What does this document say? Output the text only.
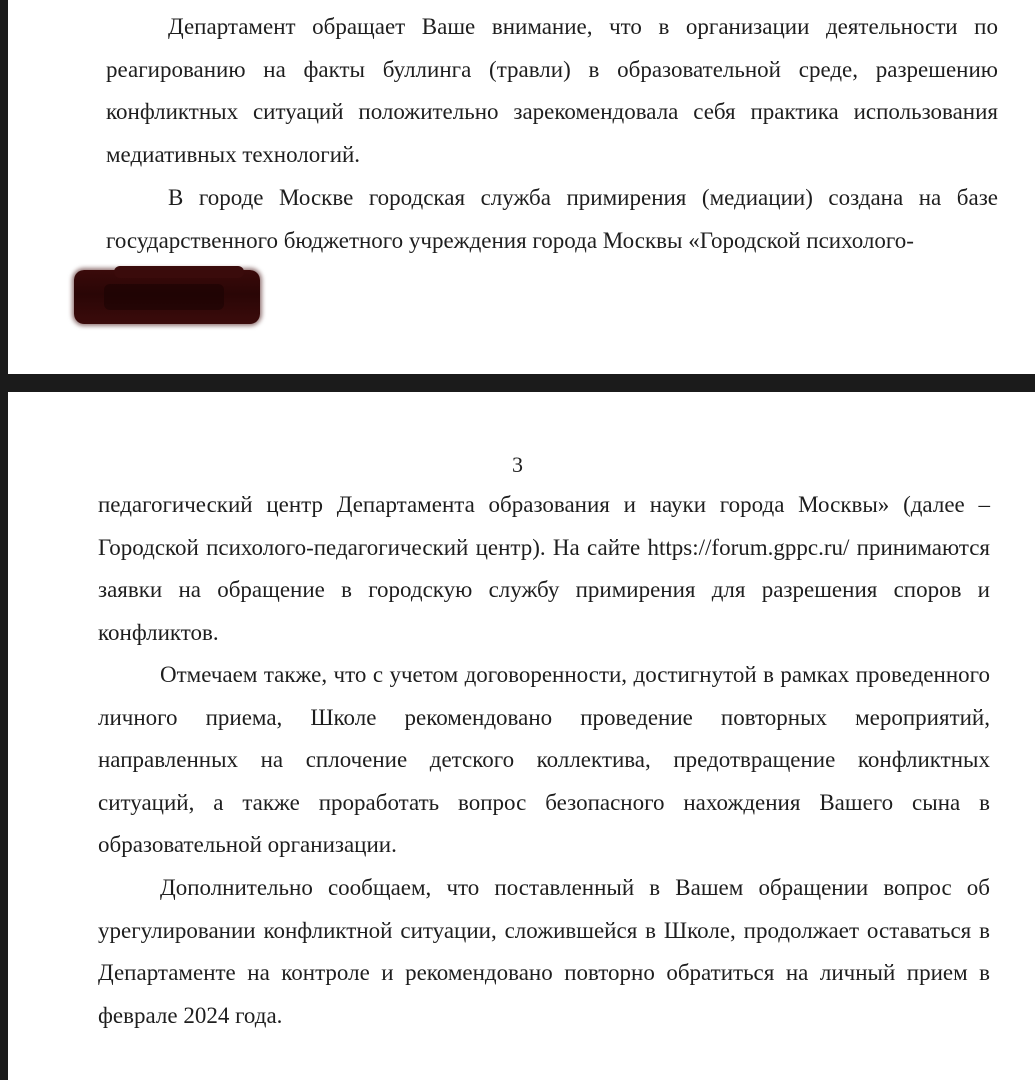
Департамент обращает Ваше внимание, что в организации деятельности по реагированию на факты буллинга (травли) в образовательной среде, разрешению конфликтных ситуаций положительно зарекомендовала себя практика использования медиативных технологий.

В городе Москве городская служба примирения (медиации) создана на базе государственного бюджетного учреждения города Москвы «Городской психолого-

3

педагогический центр Департамента образования и науки города Москвы» (далее – Городской психолого-педагогический центр). На сайте https://forum.gppc.ru/ принимаются заявки на обращение в городскую службу примирения для разрешения споров и конфликтов.

Отмечаем также, что с учетом договоренности, достигнутой в рамках проведенного личного приема, Школе рекомендовано проведение повторных мероприятий, направленных на сплочение детского коллектива, предотвращение конфликтных ситуаций, а также проработать вопрос безопасного нахождения Вашего сына в образовательной организации.

Дополнительно сообщаем, что поставленный в Вашем обращении вопрос об урегулировании конфликтной ситуации, сложившейся в Школе, продолжает оставаться в Департаменте на контроле и рекомендовано повторно обратиться на личный прием в феврале 2024 года.
